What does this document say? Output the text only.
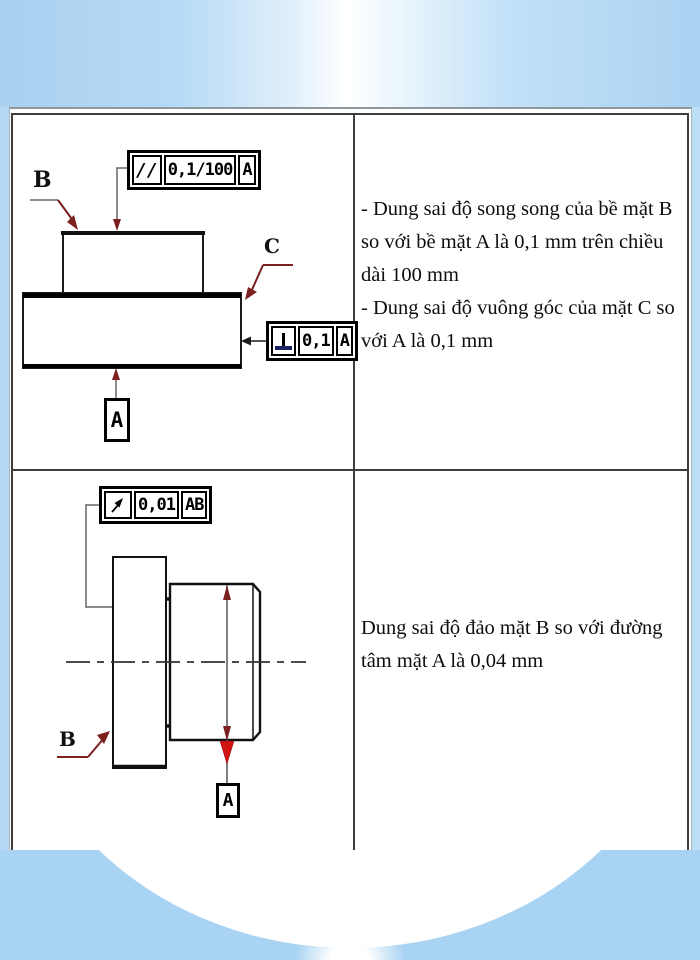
// 0,1/100 A
0,1 A
B
C
A

- Dung sai độ song song của bề mặt B so với bề mặt A là 0,1 mm trên chiều dài 100 mm

- Dung sai độ vuông góc của mặt C so với A là 0,1 mm

0,01 AB
B
A

Dung sai độ đảo mặt B so với đường tâm mặt A là 0,04 mm
